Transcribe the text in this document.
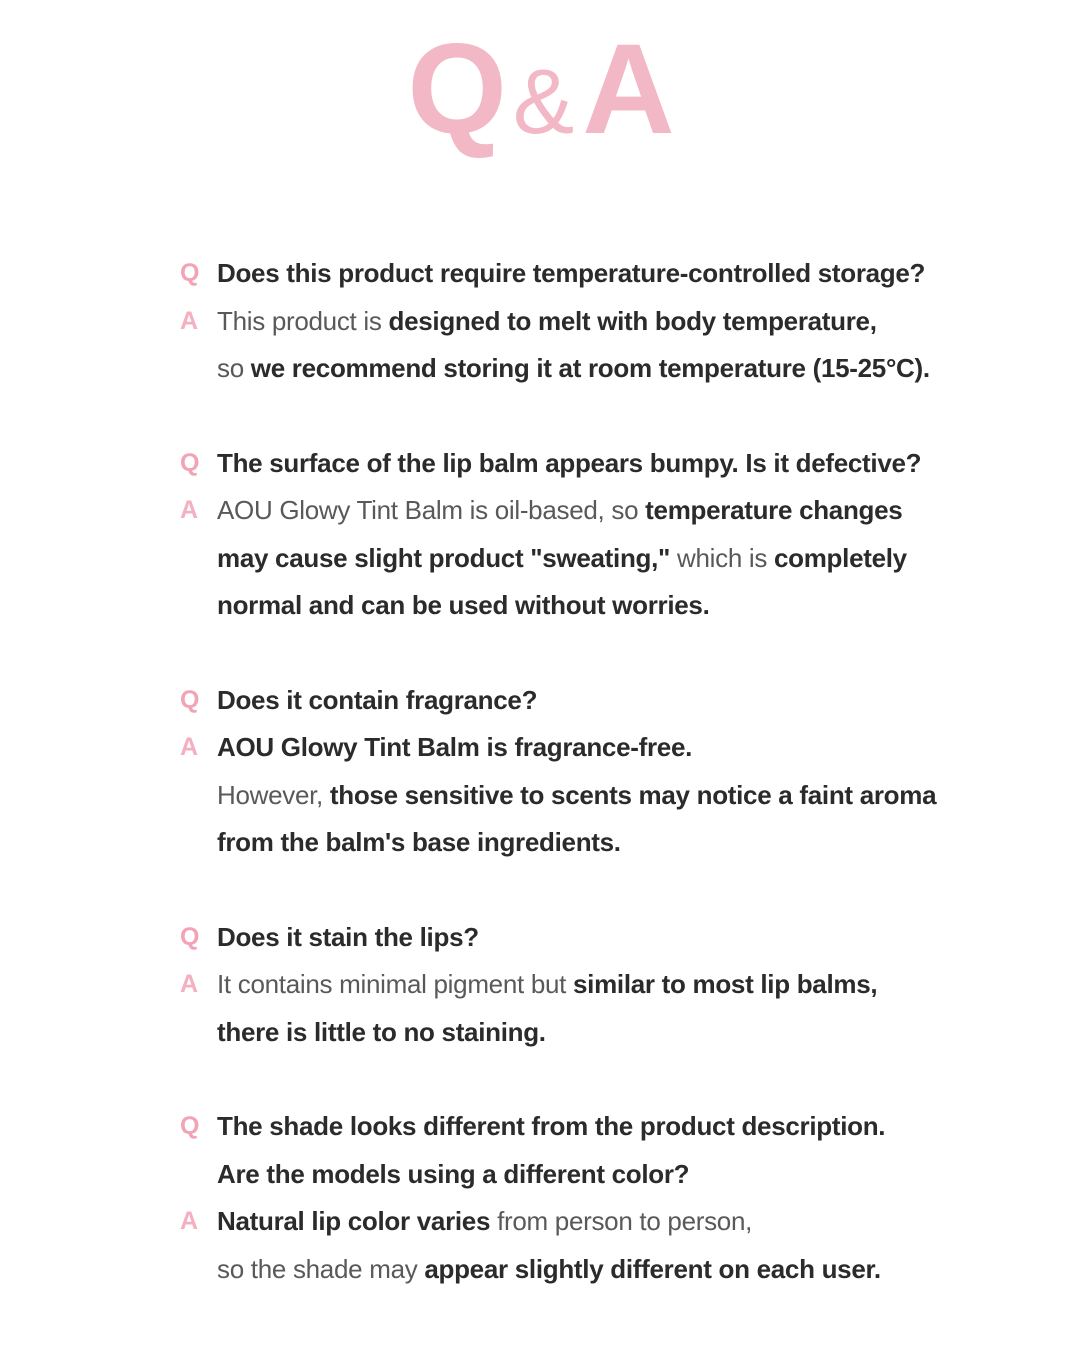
Q&A
Q Does this product require temperature-controlled storage?
A This product is designed to melt with body temperature,
so we recommend storing it at room temperature (15-25°C).
Q The surface of the lip balm appears bumpy. Is it defective?
A AOU Glowy Tint Balm is oil-based, so temperature changes
may cause slight product "sweating," which is completely
normal and can be used without worries.
Q Does it contain fragrance?
A AOU Glowy Tint Balm is fragrance-free.
However, those sensitive to scents may notice a faint aroma
from the balm's base ingredients.
Q Does it stain the lips?
A It contains minimal pigment but similar to most lip balms,
there is little to no staining.
Q The shade looks different from the product description.
Are the models using a different color?
A Natural lip color varies from person to person,
so the shade may appear slightly different on each user.
